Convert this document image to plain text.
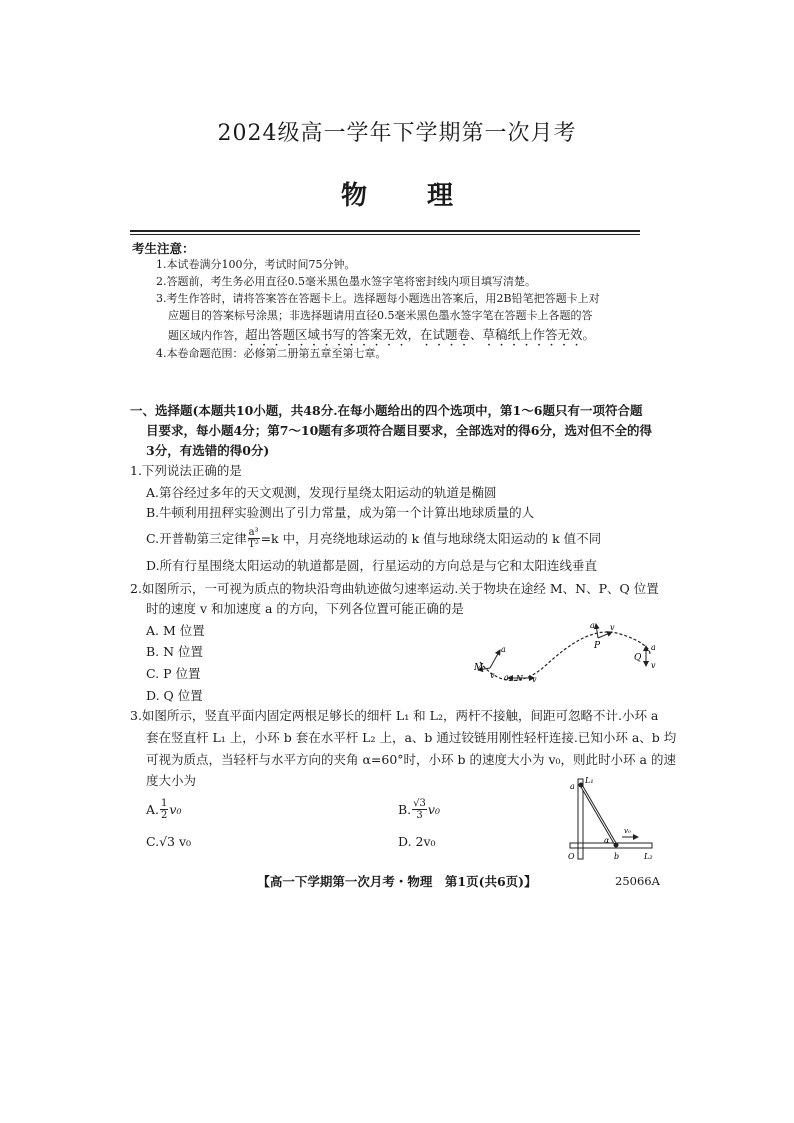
2024级高一学年下学期第一次月考
物理
考生注意：
1.本试卷满分100分，考试时间75分钟。
2.答题前，考生务必用直径0.5毫米黑色墨水签字笔将密封线内项目填写清楚。
3.考生作答时，请将答案答在答题卡上。选择题每小题选出答案后，用2B铅笔把答题卡上对
应题目的答案标号涂黑；非选择题请用直径0.5毫米黑色墨水签字笔在答题卡上各题的答
题区域内作答，超出答题区域书写的答案无效，在试题卷、草稿纸上作答无效。
4.本卷命题范围：必修第二册第五章至第七章。
一、选择题(本题共10小题，共48分.在每小题给出的四个选项中，第1～6题只有一项符合题
目要求，每小题4分；第7～10题有多项符合题目要求，全部选对的得6分，选对但不全的得
3分，有选错的得0分)
1.下列说法正确的是
A.第谷经过多年的天文观测，发现行星绕太阳运动的轨道是椭圆
B.牛顿利用扭秤实验测出了引力常量，成为第一个计算出地球质量的人
C.开普勒第三定律 $\frac{\text{a³}}{\text{T²}} =k$ 中，月亮绕地球运动的 k 值与地球绕太阳运动的 k 值不同
D.所有行星围绕太阳运动的轨道都是圆，行星运动的方向总是与它和太阳连线垂直
2.如图所示，一可视为质点的物块沿弯曲轨迹做匀速率运动.关于物块在途经 M、N、P、Q 位置
时的速度 v 和加速度 a 的方向，下列各位置可能正确的是
A. M 位置
B. N 位置
C. P 位置
D. Q 位置
M
a
v a N v
a v
P	a
Q
v
3.如图所示，竖直平面内固定两根足够长的细杆 L₁ 和 L₂，两杆不接触，间距可忽略不计.小环 a
套在竖直杆 L₁ 上，小环 b 套在水平杆 L₂ 上，a、b 通过铰链用刚性轻杆连接.已知小环 a、b 均
可视为质点，当轻杆与水平方向的夹角 α=60°时，小环 b 的速度大小为 v₀，则此时小环 a 的速
度大小为
A. $\frac{1}{2} v_0$	B. $\frac{√3}{3} v_0$
C.√3 v₀	D. 2v₀
L₁
a
α
v₀
O	b	L₂
【高一下学期第一次月考・物理　第1页(共6页)】	25066A
